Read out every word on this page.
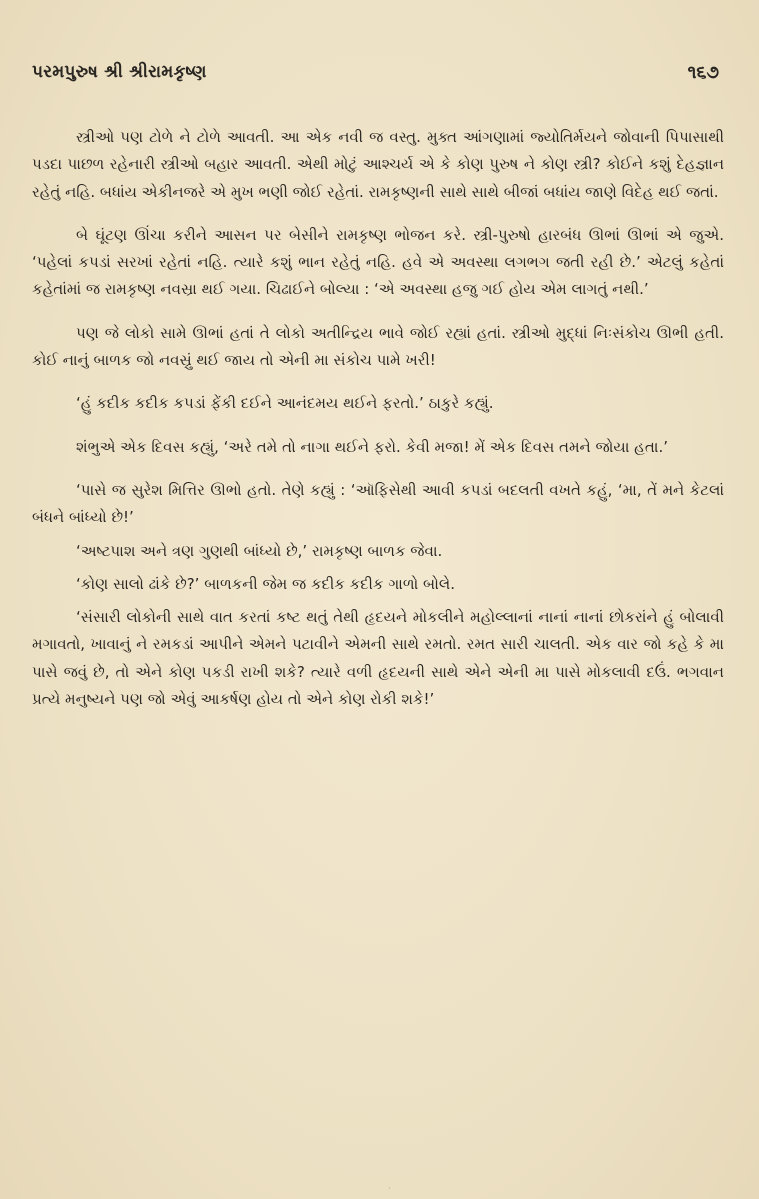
પરમપુરુષ શ્રી શ્રીરામકૃષ્ણ	૧૬૭

સ્ત્રીઓ પણ ટોળે ને ટોળે આવતી. આ એક નવી જ વસ્તુ. મુક્ત આંગણામાં જ્યોતિર્મયને જોવાની પિપાસાથી પડદા પાછળ રહેનારી સ્ત્રીઓ બહાર આવતી. એથી મોટું આશ્ચર્ય એ કે કોણ પુરુષ ને કોણ સ્ત્રી? કોઈને કશું દેહજ્ઞાન રહેતું નહિ. બધાંય એકીનજરે એ મુખ ભણી જોઈ રહેતાં. રામકૃષ્ણની સાથે સાથે બીજાં બધાંય જાણે વિદેહ થઈ જતાં.

બે ઘૂંટણ ઊંચા કરીને આસન પર બેસીને રામકૃષ્ણ ભોજન કરે. સ્ત્રી-પુરુષો હારબંધ ઊભાં ઊભાં એ જુએ. ‘પહેલાં કપડાં સરખાં રહેતાં નહિ. ત્યારે કશું ભાન રહેતું નહિ. હવે એ અવસ્થા લગભગ જતી રહી છે.’ એટલું કહેતાં કહેતાંમાં જ રામકૃષ્ણ નવસ્રા થઈ ગયા. ચિઢાઈને બોલ્યા : ‘એ અવસ્થા હજુ ગઈ હોય એમ લાગતું નથી.’

પણ જે લોકો સામે ઊભાં હતાં તે લોકો અતીન્દ્રિય ભાવે જોઈ રહ્યાં હતાં. સ્ત્રીઓ મુદ્ધાં નિઃસંકોચ ઊભી હતી. કોઈ નાનું બાળક જો નવસ્રું થઈ જાય તો એની મા સંકોચ પામે ખરી!

‘હું કદીક કદીક કપડાં ફેંકી દઈને આનંદમય થઈને ફરતો.’ ઠાકુરે કહ્યું.

શંભુએ એક દિવસ કહ્યું, ‘અરે તમે તો નાગા થઈને ફરો. કેવી મજા! મેં એક દિવસ તમને જોયા હતા.’

‘પાસે જ સુરેશ મિત્તિર ઊભો હતો. તેણે કહ્યું : ‘ઑફિસેથી આવી કપડાં બદલતી વખતે કહું, ‘મા, તેં મને કેટલાં બંધને બાંધ્યો છે!’

‘અષ્ટપાશ અને ત્રણ ગુણથી બાંધ્યો છે,’ રામકૃષ્ણ બાળક જેવા.

‘કોણ સાલો ઢાંકે છે?’ બાળકની જેમ જ કદીક કદીક ગાળો બોલે.

‘સંસારી લોકોની સાથે વાત કરતાં કષ્ટ થતું તેથી હૃદયને મોકલીને મહોલ્લાનાં નાનાં નાનાં છોકરાંને હું બોલાવી મગાવતો, ખાવાનું ને રમકડાં આપીને એમને પટાવીને એમની સાથે રમતો. રમત સારી ચાલતી. એક વાર જો કહે કે મા પાસે જવું છે, તો એને કોણ પકડી રાખી શકે? ત્યારે વળી હૃદયની સાથે એને એની મા પાસે મોકલાવી દઉં. ભગવાન પ્રત્યે મનુષ્યને પણ જો એવું આકર્ષણ હોય તો એને કોણ રોકી શકે!’

·
